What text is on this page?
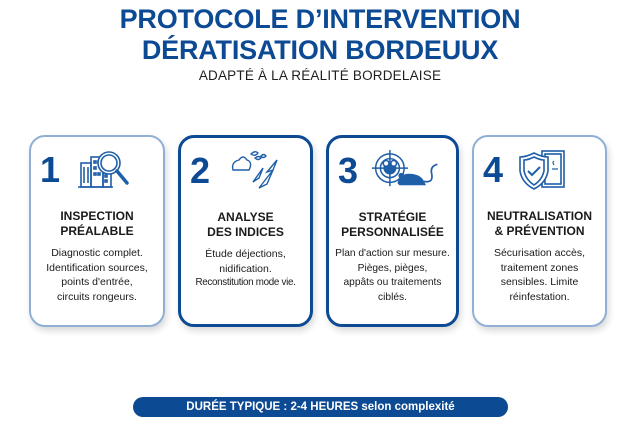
PROTOCOLE D’INTERVENTION
DÉRATISATION BORDEUUX
ADAPTÉ À LA RÉALITÉ BORDELAISE
1
INSPECTION
PRÉALABLE
Diagnostic complet.
Identification sources,
points d'entrée,
circuits rongeurs.
2
ANALYSE
DES INDICES
Étude déjections,
nidification.
Reconstitution mode vie.
3
STRATÉGIE
PERSONNALISÉE
Plan d'action sur mesure.
Pièges, pièges,
appâts ou traitements
ciblés.
4
NEUTRALISATION
& PRÉVENTION
Sécurisation accès,
traitement zones
sensibles. Limite
réinfestation.
DURÉE TYPIQUE : 2-4 HEURES selon complexité
